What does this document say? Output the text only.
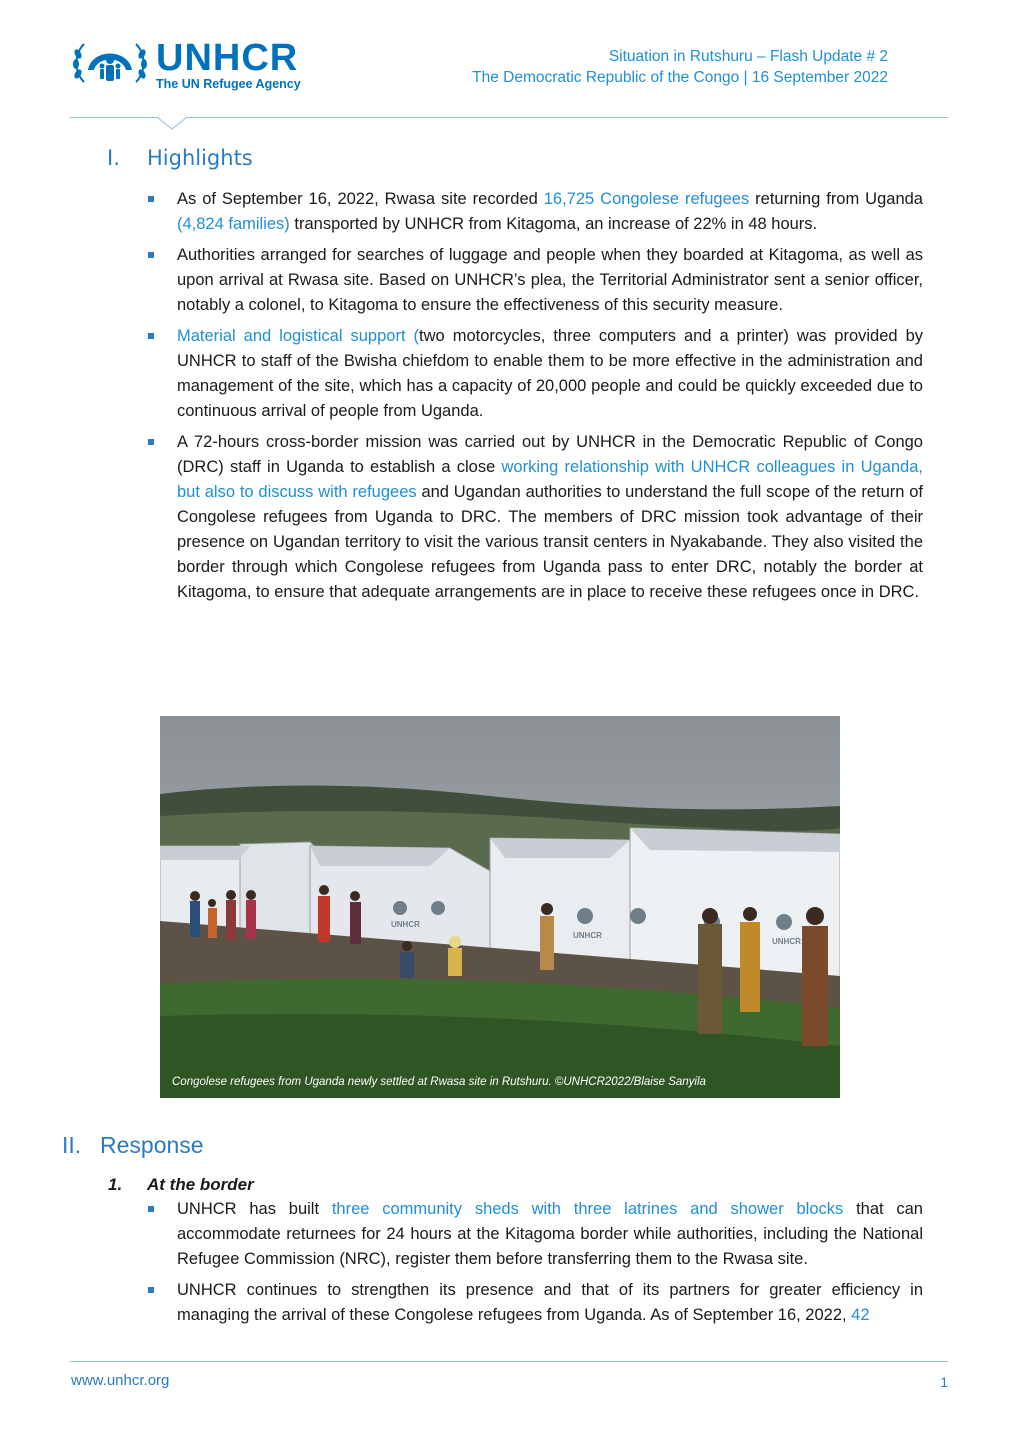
UNHCR
The UN Refugee Agency
Situation in Rutshuru – Flash Update # 2
The Democratic Republic of the Congo | 16 September 2022
I. Highlights
As of September 16, 2022, Rwasa site recorded 16,725 Congolese refugees returning from Uganda (4,824 families) transported by UNHCR from Kitagoma, an increase of 22% in 48 hours.
Authorities arranged for searches of luggage and people when they boarded at Kitagoma, as well as upon arrival at Rwasa site. Based on UNHCR’s plea, the Territorial Administrator sent a senior officer, notably a colonel, to Kitagoma to ensure the effectiveness of this security measure.
Material and logistical support (two motorcycles, three computers and a printer) was provided by UNHCR to staff of the Bwisha chiefdom to enable them to be more effective in the administration and management of the site, which has a capacity of 20,000 people and could be quickly exceeded due to continuous arrival of people from Uganda.
A 72-hours cross-border mission was carried out by UNHCR in the Democratic Republic of Congo (DRC) staff in Uganda to establish a close working relationship with UNHCR colleagues in Uganda, but also to discuss with refugees and Ugandan authorities to understand the full scope of the return of Congolese refugees from Uganda to DRC. The members of DRC mission took advantage of their presence on Ugandan territory to visit the various transit centers in Nyakabande. They also visited the border through which Congolese refugees from Uganda pass to enter DRC, notably the border at Kitagoma, to ensure that adequate arrangements are in place to receive these refugees once in DRC.
UNHCR
UNHCR
UNHCR
Congolese refugees from Uganda newly settled at Rwasa site in Rutshuru. ©UNHCR2022/Blaise Sanyila
II. Response
1. At the border
UNHCR has built three community sheds with three latrines and shower blocks that can accommodate returnees for 24 hours at the Kitagoma border while authorities, including the National Refugee Commission (NRC), register them before transferring them to the Rwasa site.
UNHCR continues to strengthen its presence and that of its partners for greater efficiency in managing the arrival of these Congolese refugees from Uganda. As of September 16, 2022, 42
www.unhcr.org	1
